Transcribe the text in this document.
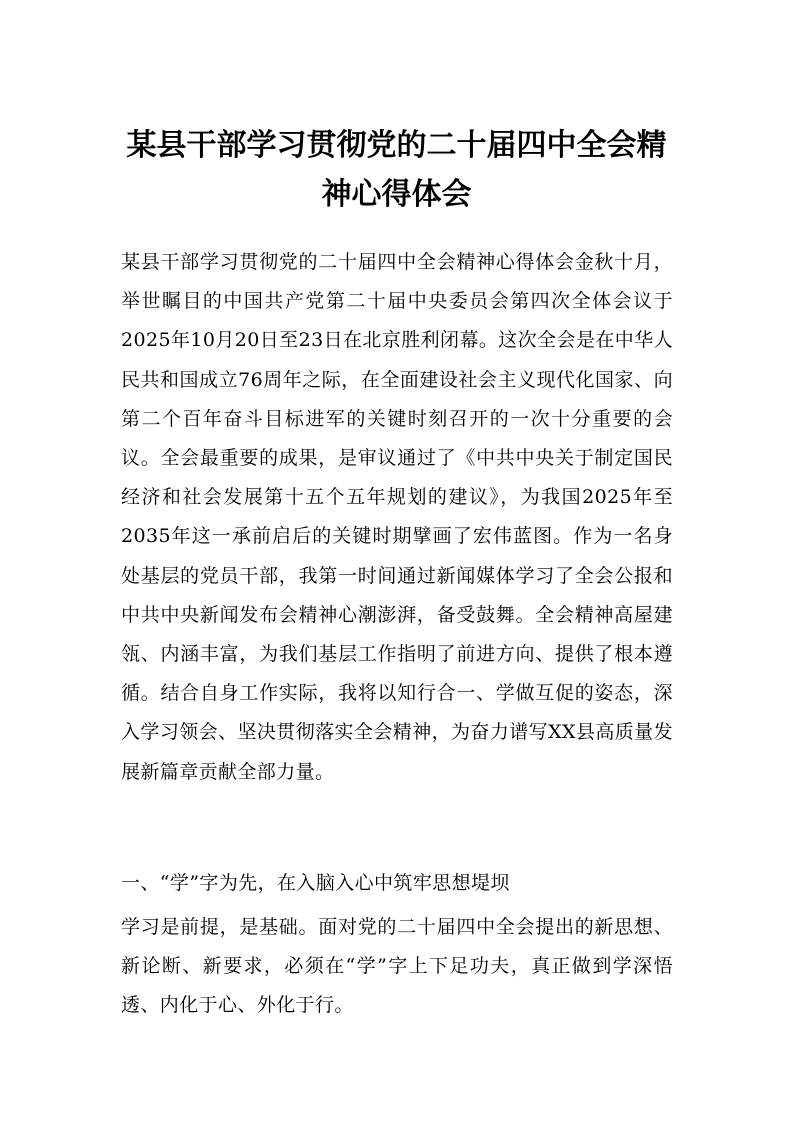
某县干部学习贯彻党的二十届四中全会精
神心得体会

某县干部学习贯彻党的二十届四中全会精神心得体会金秋十月，举世瞩目的中国共产党第二十届中央委员会第四次全体会议于2025年10月20日至23日在北京胜利闭幕。这次全会是在中华人民共和国成立76周年之际，在全面建设社会主义现代化国家、向第二个百年奋斗目标进军的关键时刻召开的一次十分重要的会议。全会最重要的成果，是审议通过了《中共中央关于制定国民经济和社会发展第十五个五年规划的建议》，为我国2025年至2035年这一承前启后的关键时期擘画了宏伟蓝图。作为一名身处基层的党员干部，我第一时间通过新闻媒体学习了全会公报和中共中央新闻发布会精神心潮澎湃，备受鼓舞。全会精神高屋建瓴、内涵丰富，为我们基层工作指明了前进方向、提供了根本遵循。结合自身工作实际，我将以知行合一、学做互促的姿态，深入学习领会、坚决贯彻落实全会精神，为奋力谱写XX县高质量发展新篇章贡献全部力量。

一、“学”字为先，在入脑入心中筑牢思想堤坝

学习是前提，是基础。面对党的二十届四中全会提出的新思想、新论断、新要求，必须在“学”字上下足功夫，真正做到学深悟透、内化于心、外化于行。
